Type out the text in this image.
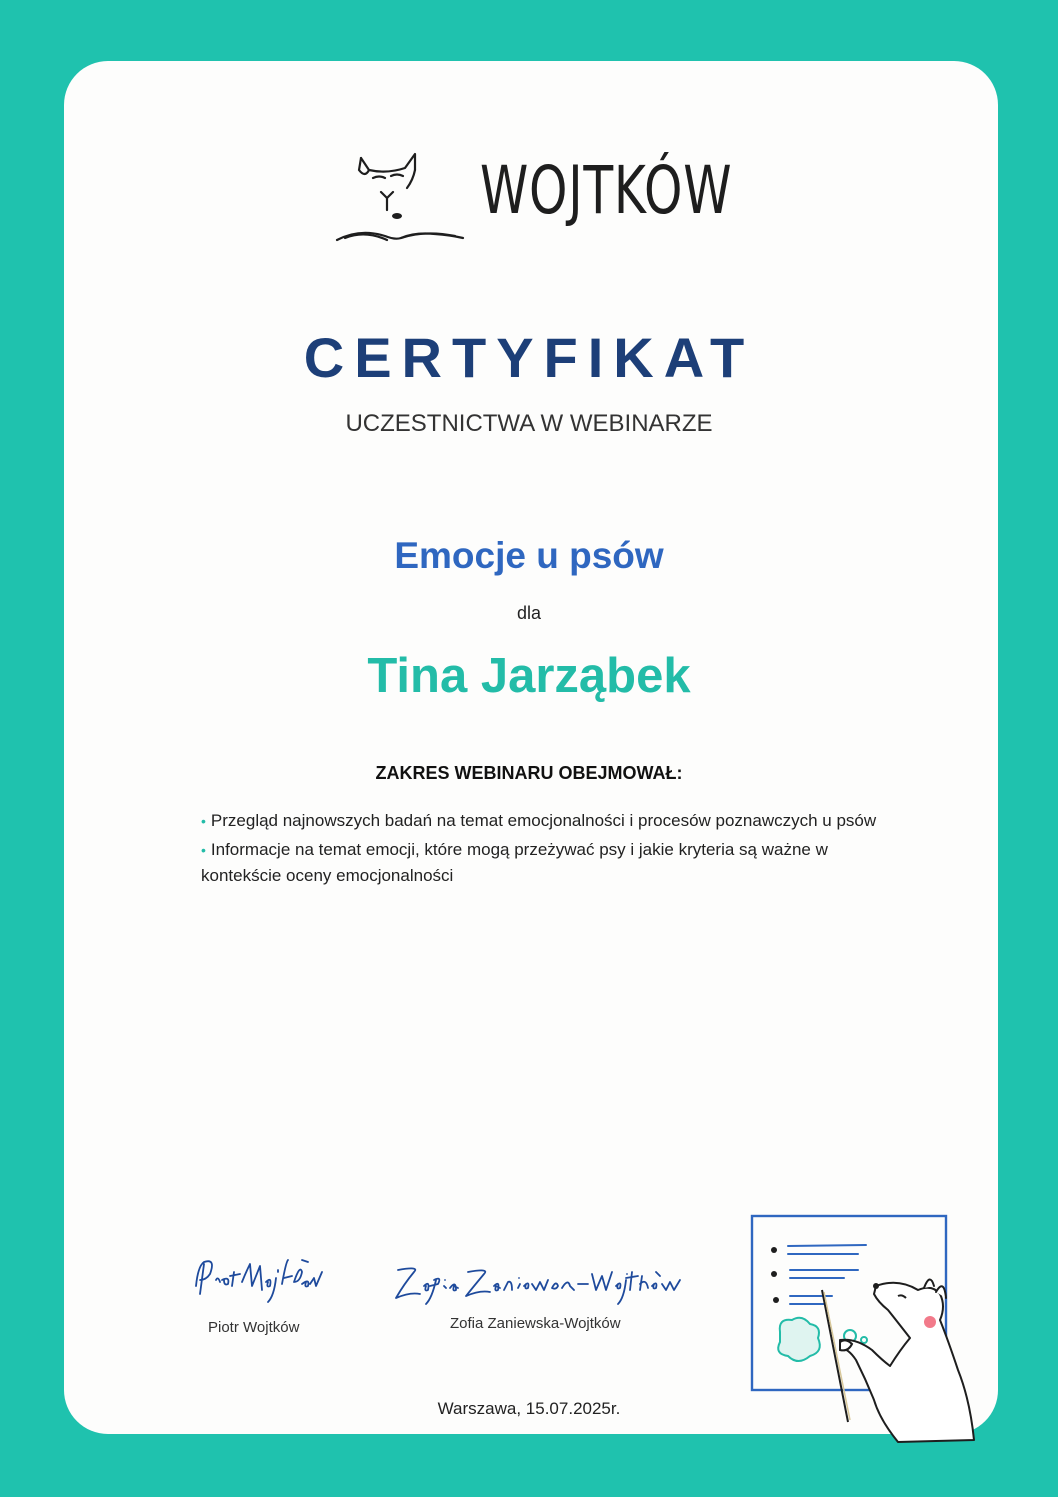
WOJTKÓW
CERTYFIKAT
UCZESTNICTWA W WEBINARZE
Emocje u psów
dla
Tina Jarząbek
ZAKRES WEBINARU OBEJMOWAŁ:
• Przegląd najnowszych badań na temat emocjonalności i procesów poznawczych u psów
• Informacje na temat emocji, które mogą przeżywać psy i jakie kryteria są ważne w kontekście oceny emocjonalności
Piotr Wojtków	Zofia Zaniewska-Wojtków
Warszawa, 15.07.2025r.
